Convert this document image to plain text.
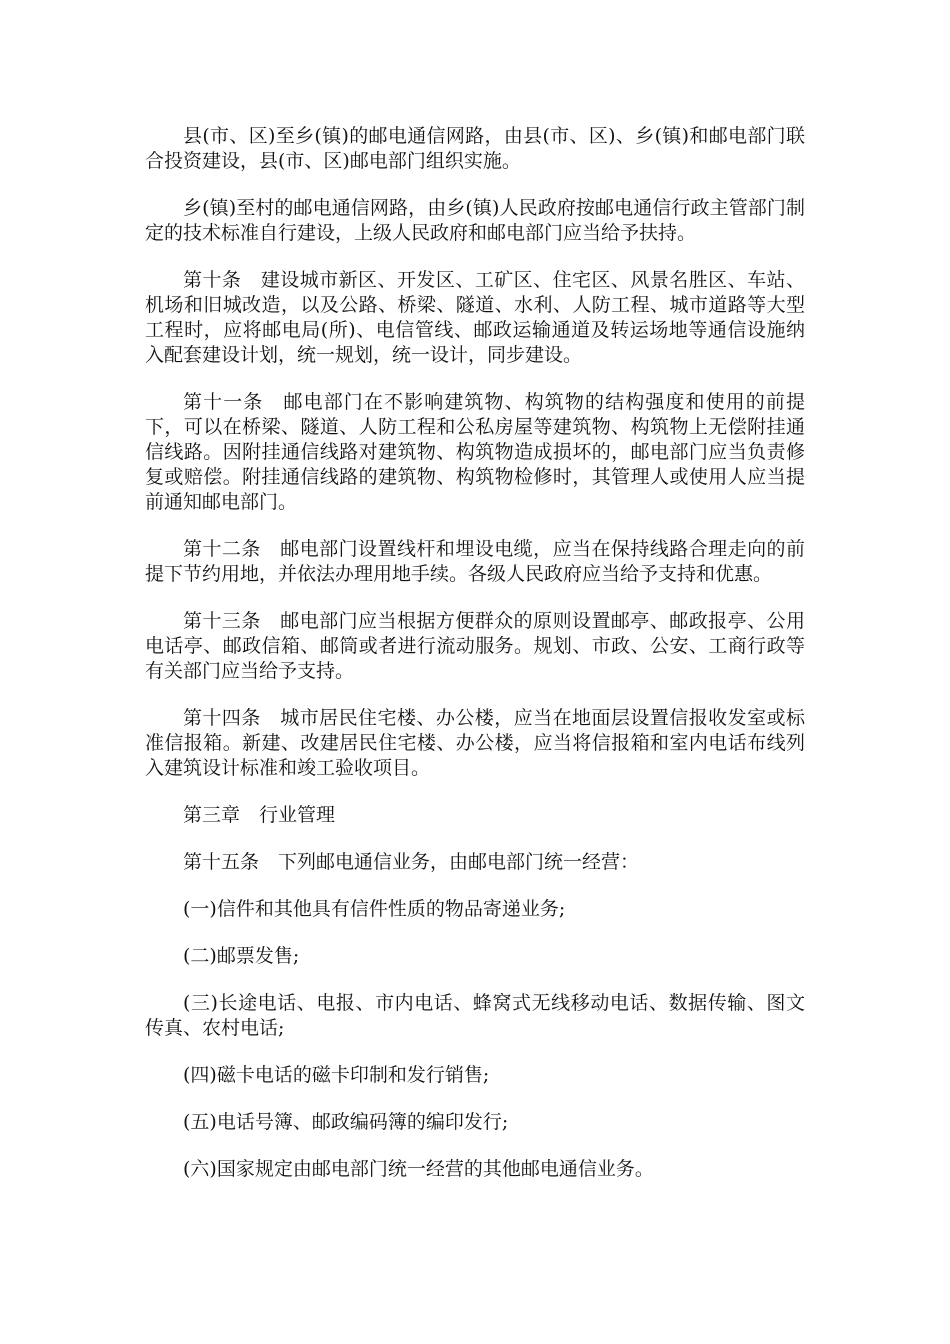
县(市、区)至乡(镇)的邮电通信网路，由县(市、区)、乡(镇)和邮电部门联合投资建设，县(市、区)邮电部门组织实施。

乡(镇)至村的邮电通信网路，由乡(镇)人民政府按邮电通信行政主管部门制定的技术标准自行建设，上级人民政府和邮电部门应当给予扶持。

第十条　建设城市新区、开发区、工矿区、住宅区、风景名胜区、车站、机场和旧城改造，以及公路、桥梁、隧道、水利、人防工程、城市道路等大型工程时，应将邮电局(所)、电信管线、邮政运输通道及转运场地等通信设施纳入配套建设计划，统一规划，统一设计，同步建设。

第十一条　邮电部门在不影响建筑物、构筑物的结构强度和使用的前提下，可以在桥梁、隧道、人防工程和公私房屋等建筑物、构筑物上无偿附挂通信线路。因附挂通信线路对建筑物、构筑物造成损坏的，邮电部门应当负责修复或赔偿。附挂通信线路的建筑物、构筑物检修时，其管理人或使用人应当提前通知邮电部门。

第十二条　邮电部门设置线杆和埋设电缆，应当在保持线路合理走向的前提下节约用地，并依法办理用地手续。各级人民政府应当给予支持和优惠。

第十三条　邮电部门应当根据方便群众的原则设置邮亭、邮政报亭、公用电话亭、邮政信箱、邮筒或者进行流动服务。规划、市政、公安、工商行政等有关部门应当给予支持。

第十四条　城市居民住宅楼、办公楼，应当在地面层设置信报收发室或标准信报箱。新建、改建居民住宅楼、办公楼，应当将信报箱和室内电话布线列入建筑设计标准和竣工验收项目。

第三章　行业管理

第十五条　下列邮电通信业务，由邮电部门统一经营：

(一)信件和其他具有信件性质的物品寄递业务;

(二)邮票发售;

(三)长途电话、电报、市内电话、蜂窝式无线移动电话、数据传输、图文传真、农村电话;

(四)磁卡电话的磁卡印制和发行销售;

(五)电话号簿、邮政编码簿的编印发行;

(六)国家规定由邮电部门统一经营的其他邮电通信业务。
